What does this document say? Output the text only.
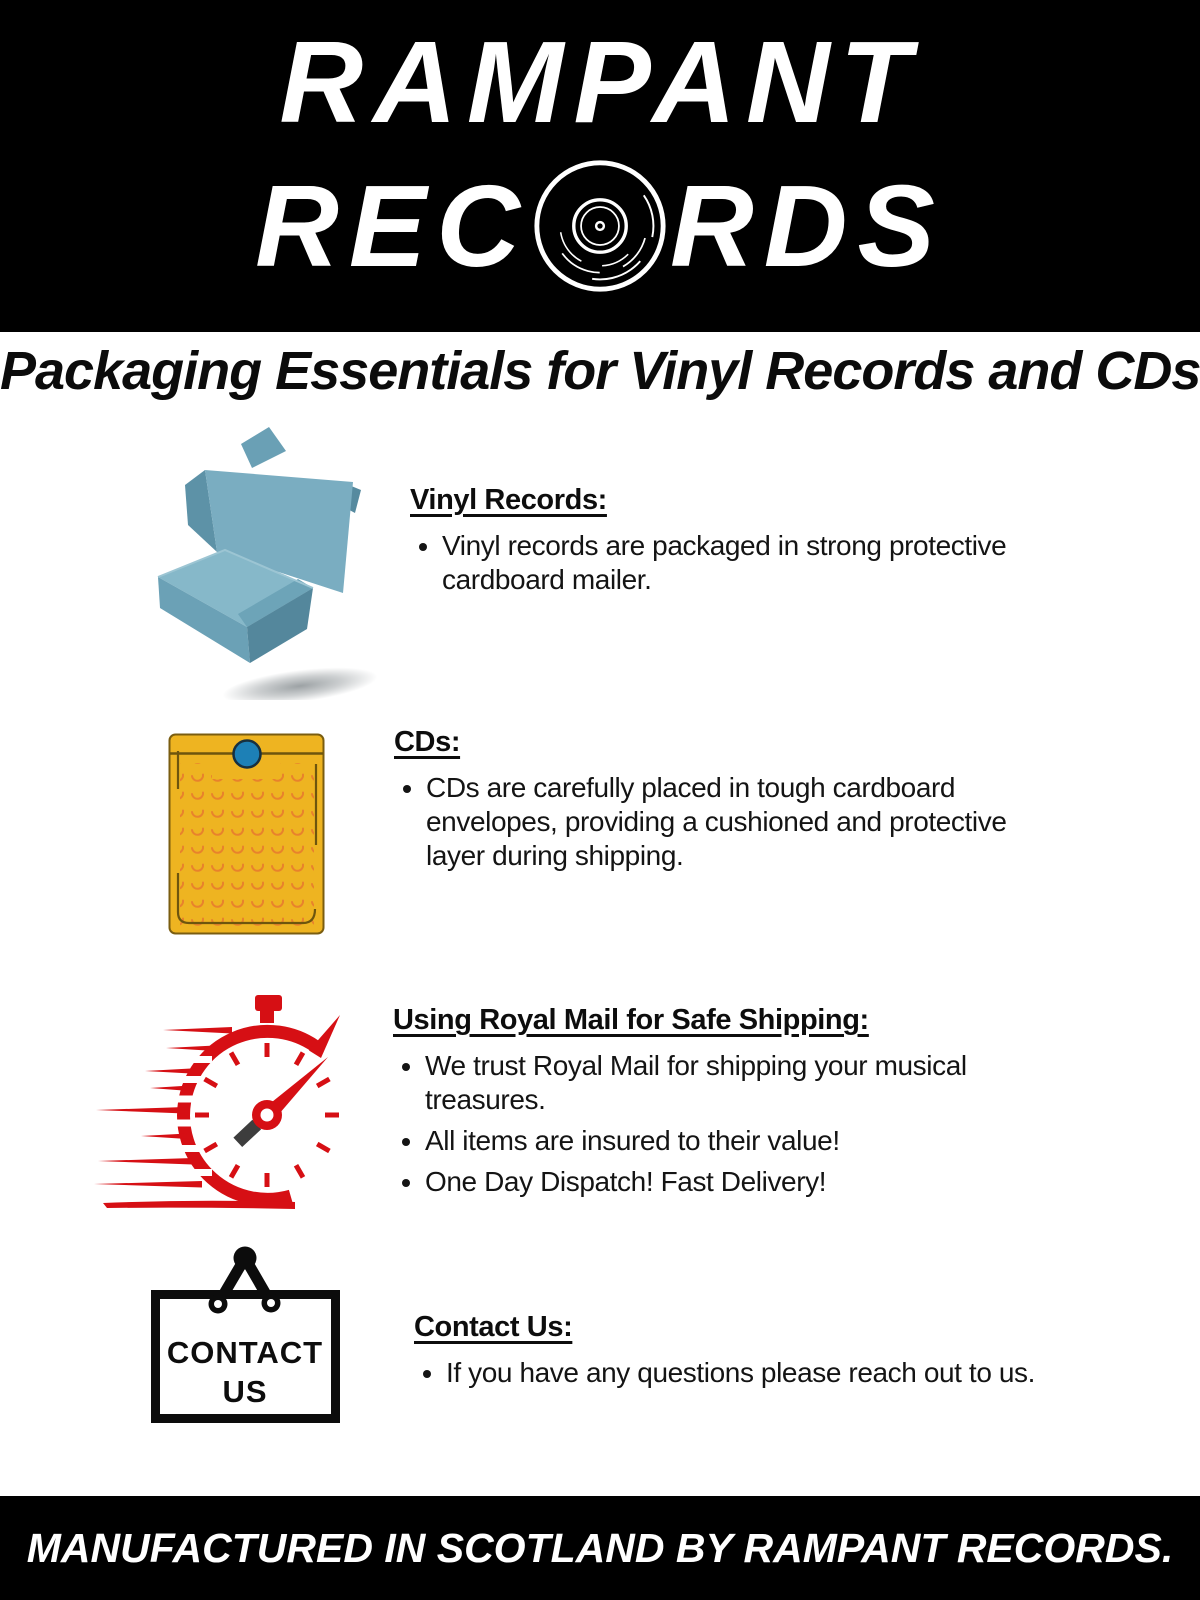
RAMPANT
REC RDS
Packaging Essentials for Vinyl Records and CDs
Vinyl Records:
• Vinyl records are packaged in strong protective cardboard mailer.
CDs:
• CDs are carefully placed in tough cardboard envelopes, providing a cushioned and protective layer during shipping.
Using Royal Mail for Safe Shipping:
• We trust Royal Mail for shipping your musical treasures.
• All items are insured to their value!
• One Day Dispatch! Fast Delivery!
CONTACT
US
Contact Us:
• If you have any questions please reach out to us.
MANUFACTURED IN SCOTLAND BY RAMPANT RECORDS.
